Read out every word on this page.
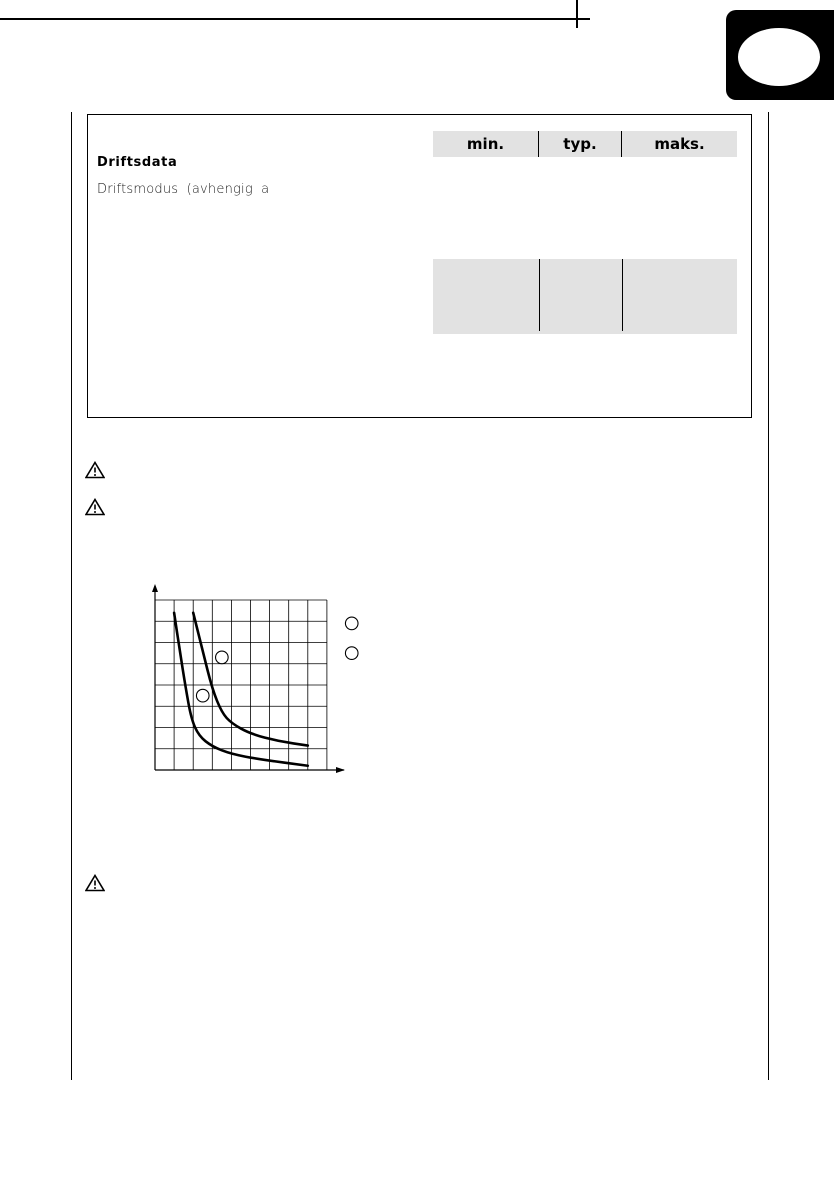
min.	typ.	maks.
Driftsdata
Driftsmodus (avhengig a
